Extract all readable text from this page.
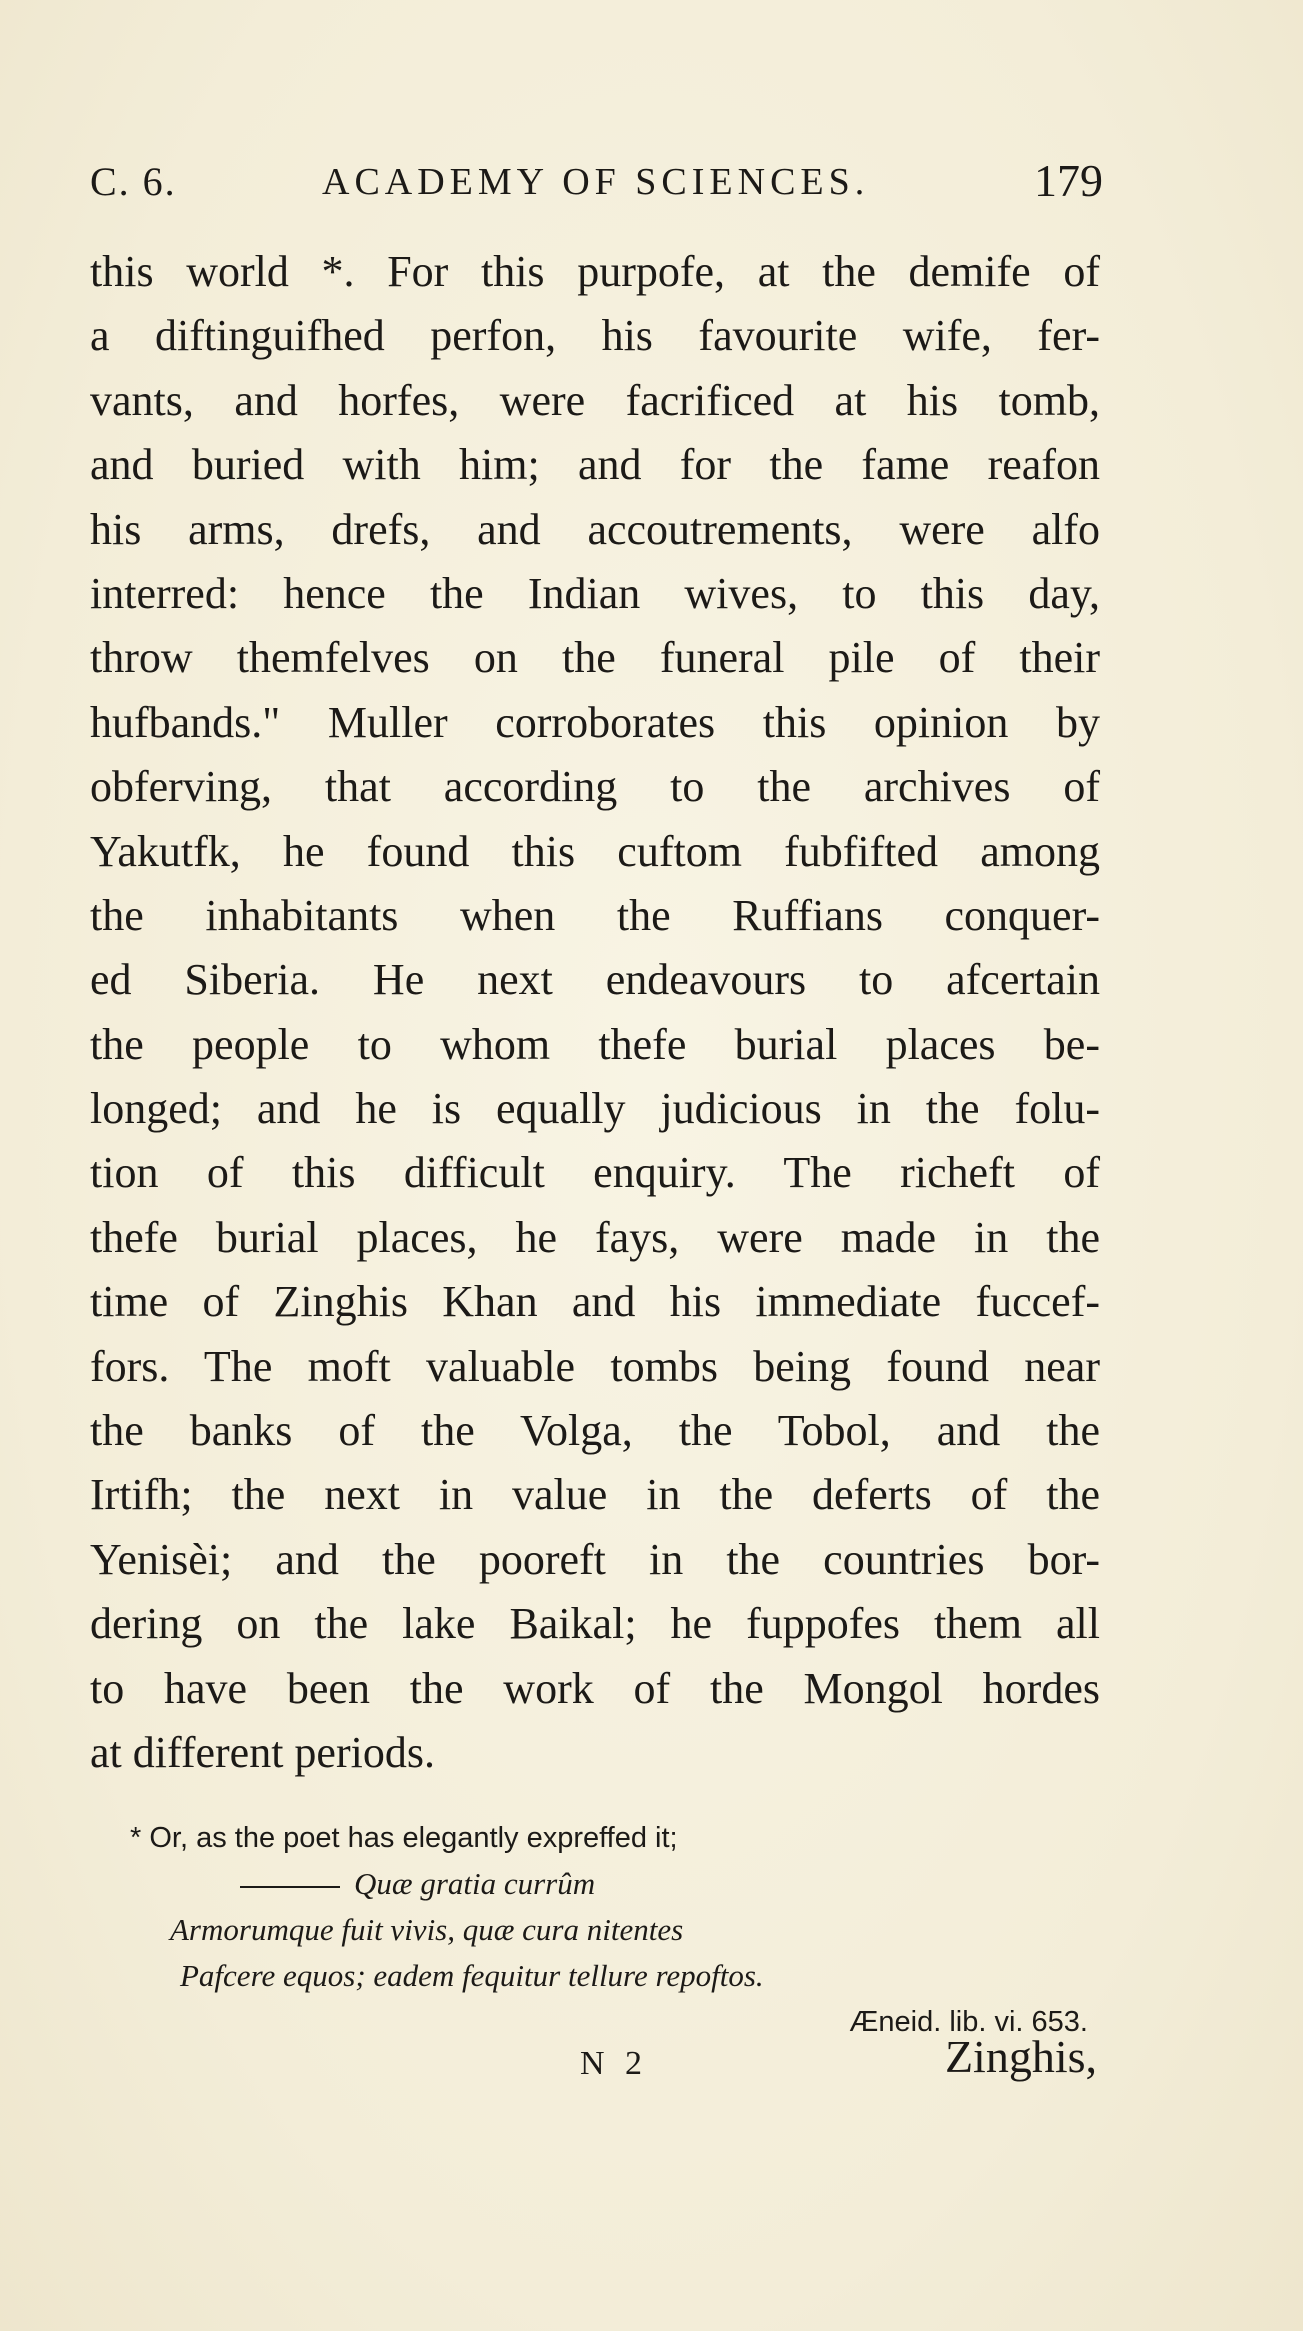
C. 6.	ACADEMY OF SCIENCES.	179
this world *. For this purpofe, at the demife of
a diftinguifhed perfon, his favourite wife, fer-
vants, and horfes, were facrificed at his tomb,
and buried with him; and for the fame reafon
his arms, drefs, and accoutrements, were alfo
interred: hence the Indian wives, to this day,
throw themfelves on the funeral pile of their
hufbands." Muller corroborates this opinion by
obferving, that according to the archives of
Yakutfk, he found this cuftom fubfifted among
the inhabitants when the Ruffians conquer-
ed Siberia. He next endeavours to afcertain
the people to whom thefe burial places be-
longed; and he is equally judicious in the folu-
tion of this difficult enquiry. The richeft of
thefe burial places, he fays, were made in the
time of Zinghis Khan and his immediate fuccef-
fors. The moft valuable tombs being found near
the banks of the Volga, the Tobol, and the
Irtifh; the next in value in the deferts of the
Yenisèi; and the pooreft in the countries bor-
dering on the lake Baikal; he fuppofes them all
to have been the work of the Mongol hordes
at different periods.
* Or, as the poet has elegantly expreffed it;
Quæ gratia currûm
Armorumque fuit vivis, quæ cura nitentes
Pafcere equos; eadem fequitur tellure repoftos.
Æneid. lib. vi. 653.
N 2	Zinghis,
